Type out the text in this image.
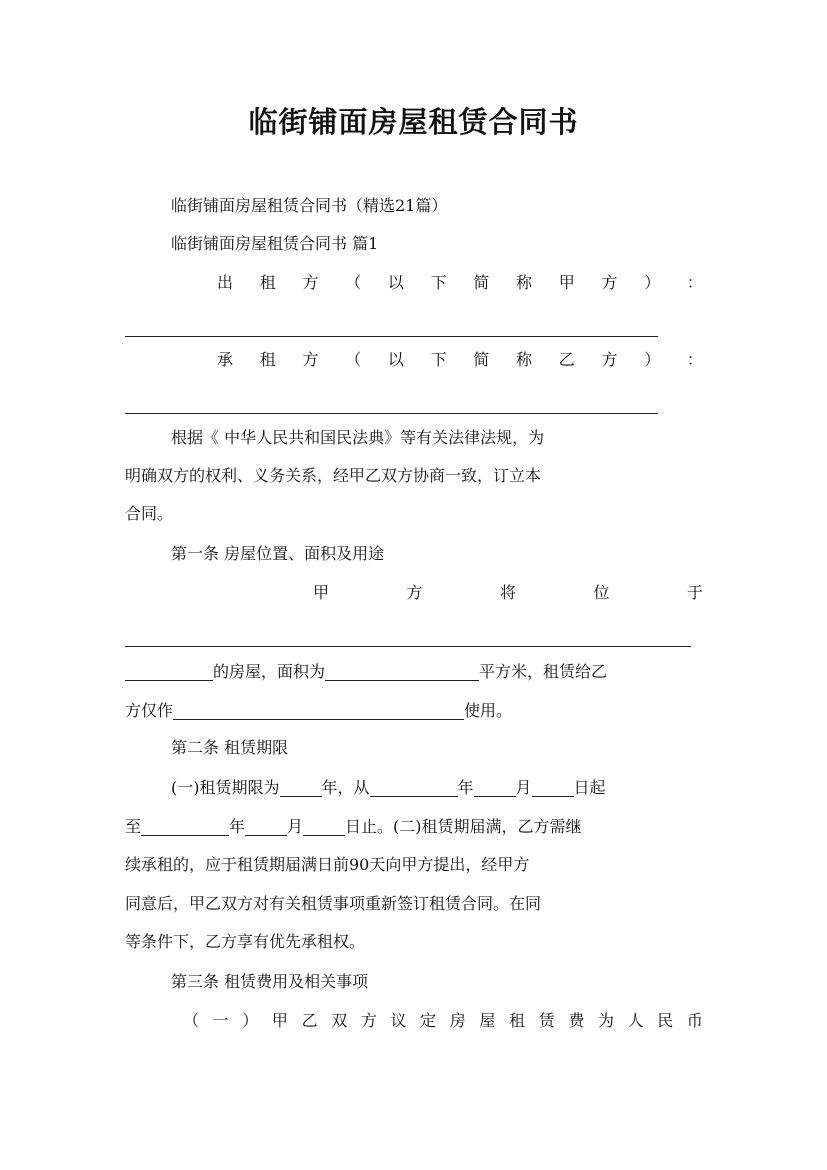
临街铺面房屋租赁合同书
临街铺面房屋租赁合同书（精选21篇）
临街铺面房屋租赁合同书 篇1
出 租 方 （ 以 下 简 称 甲 方 ） ：
承 租 方 （ 以 下 简 称 乙 方 ） ：
根据《 中华人民共和国民法典》等有关法律法规，为
明确双方的权利、义务关系，经甲乙双方协商一致，订立本
合同。
第一条 房屋位置、面积及用途
甲	方	将	位	于
的房屋，面积为	平方米，租赁给乙
方仅作	使用。
第二条 租赁期限
(一)租赁期限为	年，从	年	月	日起
至	年	月	日止。(二)租赁期届满，乙方需继
续承租的，应于租赁期届满日前90天向甲方提出，经甲方
同意后，甲乙双方对有关租赁事项重新签订租赁合同。在同
等条件下，乙方享有优先承租权。
第三条 租赁费用及相关事项
（ 一 ） 甲 乙 双 方 议 定 房 屋 租 赁 费 为 人 民 币
